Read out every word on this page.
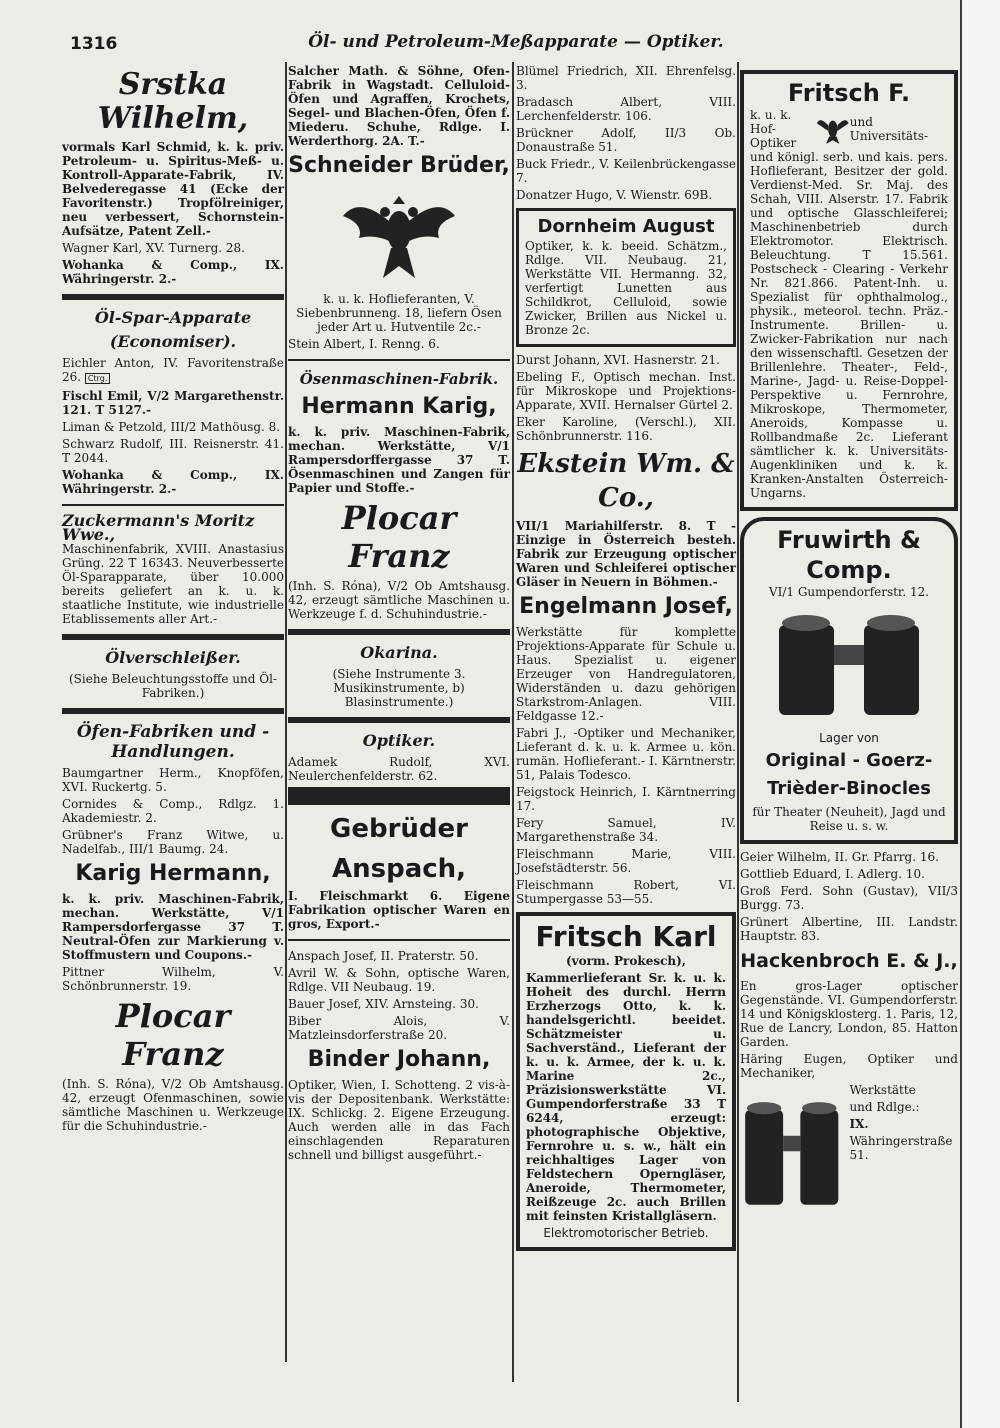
1316	Öl- und Petroleum-Meßapparate — Optiker.
Srstka Wilhelm,

vormals Karl Schmid, k. k. priv. Petroleum- u. Spiritus-Meß- u. Kontroll-Apparate-Fabrik, IV. Belvederegasse 41 (Ecke der Favoritenstr.) Tropfölreiniger, neu verbessert, Schornstein-Aufsätze, Patent Zell.-

Wagner Karl, XV. Turnerg. 28.

Wohanka & Comp., IX. Währingerstr. 2.-

Öl-Spar-Apparate
(Economiser).

Eichler Anton, IV. Favoritenstraße 26. Ctrg.

Fischl Emil, V/2 Margarethenstr. 121. T 5127.-

Liman & Petzold, III/2 Mathöusg. 8.

Schwarz Rudolf, III. Reisnerstr. 41. T 2044.

Wohanka & Comp., IX. Währingerstr. 2.-

Zuckermann's Moritz Wwe.,

Maschinenfabrik, XVIII. Anastasius Grüng. 22 T 16343. Neuverbesserte Öl-Sparapparate, über 10.000 bereits geliefert an k. u. k. staatliche Institute, wie industrielle Etablissements aller Art.-

Ölverschleißer.

(Siehe Beleuchtungsstoffe und Öl-Fabriken.)

Öfen-Fabriken und -Handlungen.

Baumgartner Herm., Knopföfen, XVI. Ruckertg. 5.

Cornides & Comp., Rdlgz. 1. Akademiestr. 2.

Grübner's Franz Witwe, u. Nadelfab., III/1 Baumg. 24.

Karig Hermann,

k. k. priv. Maschinen-Fabrik, mechan. Werkstätte, V/1 Rampersdorfergasse 37 T. Neutral-Öfen zur Markierung v. Stoffmustern und Coupons.-

Pittner Wilhelm, V. Schönbrunnerstr. 19.

Plocar Franz

(Inh. S. Róna), V/2 Ob Amtshausg. 42, erzeugt Ofenmaschinen, sowie sämtliche Maschinen u. Werkzeuge für die Schuhindustrie.-

Salcher Math. & Söhne, Ofen-Fabrik in Wagstadt. Celluloid-Öfen und Agraffen, Krochets, Segel- und Blachen-Öfen, Öfen f. Miederu. Schuhe, Rdlge. I. Werderthorg. 2A. T.-

Schneider Brüder,

k. u. k. Hoflieferanten, V. Siebenbrunneng. 18, liefern Ösen jeder Art u. Hutventile 2c.-

Stein Albert, I. Renng. 6.

Ösenmaschinen-Fabrik.
Hermann Karig,

k. k. priv. Maschinen-Fabrik, mechan. Werkstätte, V/1 Rampersdorffergasse 37 T. Ösenmaschinen und Zangen für Papier und Stoffe.-

Plocar Franz

(Inh. S. Róna), V/2 Ob Amtshausg. 42, erzeugt sämtliche Maschinen u. Werkzeuge f. d. Schuhindustrie.-

Okarina.

(Siehe Instrumente 3. Musikinstrumente, b) Blasinstrumente.)

Optiker.

Adamek Rudolf, XVI. Neulerchenfelderstr. 62.

Gebrüder Anspach,

I. Fleischmarkt 6. Eigene Fabrikation optischer Waren en gros, Export.-

Anspach Josef, II. Praterstr. 50.

Avril W. & Sohn, optische Waren, Rdlge. VII Neubaug. 19.

Bauer Josef, XIV. Arnsteing. 30.

Biber Alois, V. Matzleinsdorferstraße 20.

Binder Johann,

Optiker, Wien, I. Schotteng. 2 vis-à-vis der Depositenbank. Werkstätte: IX. Schlickg. 2. Eigene Erzeugung. Auch werden alle in das Fach einschlagenden Reparaturen schnell und billigst ausgeführt.-

Blümel Friedrich, XII. Ehrenfelsg. 3.

Bradasch Albert, VIII. Lerchenfelderstr. 106.

Brückner Adolf, II/3 Ob. Donaustraße 51.

Buck Friedr., V. Keilenbrückengasse 7.

Donatzer Hugo, V. Wienstr. 69B.

Dornheim August

Optiker, k. k. beeid. Schätzm., Rdlge. VII. Neubaug. 21, Werkstätte VII. Hermanng. 32, verfertigt Lunetten aus Schildkrot, Celluloid, sowie Zwicker, Brillen aus Nickel u. Bronze 2c.

Durst Johann, XVI. Hasnerstr. 21.

Ebeling F., Optisch mechan. Inst. für Mikroskope und Projektions-Apparate, XVII. Hernalser Gürtel 2.

Eker Karoline, (Verschl.), XII. Schönbrunnerstr. 116.

Ekstein Wm. & Co.,

VII/1 Mariahilferstr. 8. T -Einzige in Österreich besteh. Fabrik zur Erzeugung optischer Waren und Schleiferei optischer Gläser in Neuern in Böhmen.-

Engelmann Josef,

Werkstätte für komplette Projektions-Apparate für Schule u. Haus. Spezialist u. eigener Erzeuger von Handregulatoren, Widerständen u. dazu gehörigen Starkstrom-Anlagen. VIII. Feldgasse 12.-

Fabri J., -Optiker und Mechaniker, Lieferant d. k. u. k. Armee u. kön. rumän. Hoflieferant.- I. Kärntnerstr. 51, Palais Todesco.

Feigstock Heinrich, I. Kärntnerring 17.

Fery Samuel, IV. Margarethenstraße 34.

Fleischmann Marie, VIII. Josefstädterstr. 56.

Fleischmann Robert, VI. Stumpergasse 53—55.

Fritsch Karl

(vorm. Prokesch),

Kammerlieferant Sr. k. u. k. Hoheit des durchl. Herrn Erzherzogs Otto, k. k. handelsgerichtl. beeidet. Schätzmeister u. Sachverständ., Lieferant der k. u. k. Armee, der k. u. k. Marine 2c., Präzisionswerkstätte VI. Gumpendorferstraße 33 T 6244, erzeugt: photographische Objektive, Fernrohre u. s. w., hält ein reichhaltiges Lager von Feldstechern Operngläser, Aneroide, Thermometer, Reißzeuge 2c. auch Brillen mit feinsten Kristallgläsern.

Elektromotorischer Betrieb.

Fritsch F.
k. u. k. Hof-
Optiker
und Universitäts-

und königl. serb. und kais. pers. Hoflieferant, Besitzer der gold. Verdienst-Med. Sr. Maj. des Schah, VIII. Alserstr. 17. Fabrik und optische Glasschleiferei; Maschinenbetrieb durch Elektromotor. Elektrisch. Beleuchtung. T 15.561. Postscheck - Clearing - Verkehr Nr. 821.866. Patent-Inh. u. Spezialist für ophthalmolog., physik., meteorol. techn. Präz.-Instrumente. Brillen- u. Zwicker-Fabrikation nur nach den wissenschaftl. Gesetzen der Brillenlehre. Theater-, Feld-, Marine-, Jagd- u. Reise-Doppel-Perspektive u. Fernrohre, Mikroskope, Thermometer, Aneroids, Kompasse u. Rollbandmaße 2c. Lieferant sämtlicher k. k. Universitäts-Augenkliniken und k. k. Kranken-Anstalten Österreich-Ungarns.

Fruwirth & Comp.

VI/1 Gumpendorferstr. 12.

Lager von

Original - Goerz-
Trièder-Binocles

für Theater (Neuheit), Jagd und Reise u. s. w.

Geier Wilhelm, II. Gr. Pfarrg. 16.

Gottlieb Eduard, I. Adlerg. 10.

Groß Ferd. Sohn (Gustav), VII/3 Burgg. 73.

Grünert Albertine, III. Landstr. Hauptstr. 83.

Hackenbroch E. & J.,

En gros-Lager optischer Gegenstände. VI. Gumpendorferstr. 14 und Königsklosterg. 1. Paris, 12, Rue de Lancry, London, 85. Hatton Garden.

Häring Eugen, Optiker und Mechaniker,

Werkstätte

und Rdlge.:

IX.

Währingerstraße 51.
